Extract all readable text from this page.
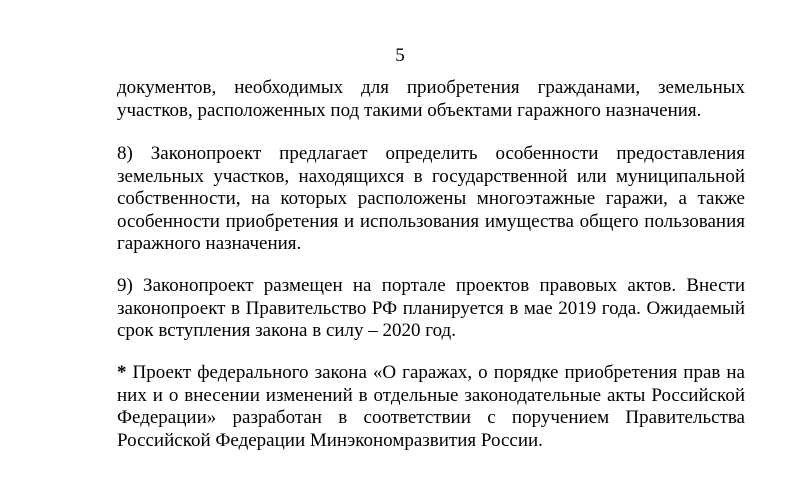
5

документов, необходимых для приобретения гражданами, земельных участков, расположенных под такими объектами гаражного назначения.

8) Законопроект предлагает определить особенности предоставления земельных участков, находящихся в государственной или муниципальной собственности, на которых расположены многоэтажные гаражи, а также особенности приобретения и использования имущества общего пользования гаражного назначения.

9) Законопроект размещен на портале проектов правовых актов. Внести законопроект в Правительство РФ планируется в мае 2019 года. Ожидаемый срок вступления закона в силу – 2020 год.

* Проект федерального закона «О гаражах, о порядке приобретения прав на них и о внесении изменений в отдельные законодательные акты Российской Федерации» разработан в соответствии с поручением Правительства Российской Федерации Минэкономразвития России.
